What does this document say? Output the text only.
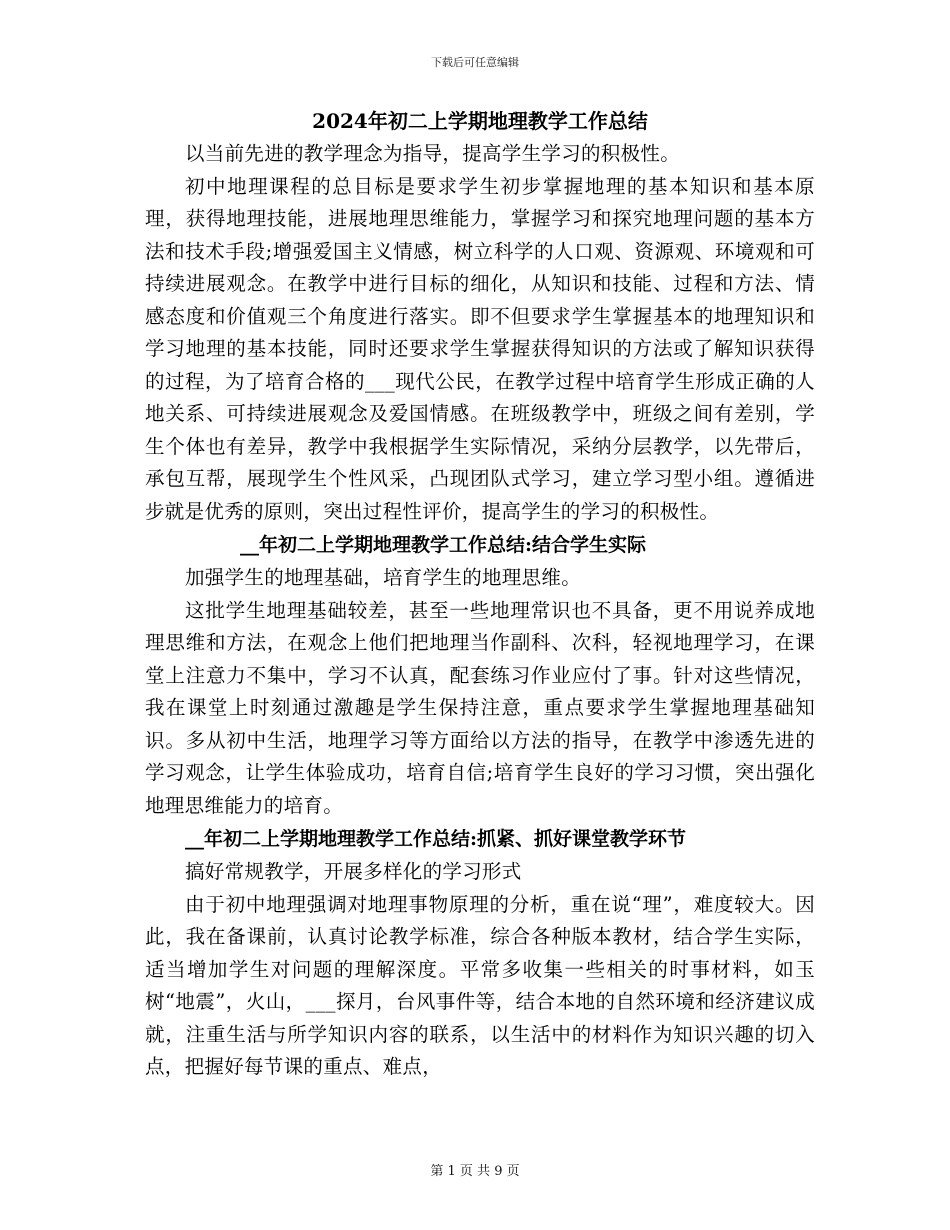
下载后可任意编辑

2024年初二上学期地理教学工作总结

以当前先进的教学理念为指导，提高学生学习的积极性。

初中地理课程的总目标是要求学生初步掌握地理的基本知识和基本原理，获得地理技能，进展地理思维能力，掌握学习和探究地理问题的基本方法和技术手段;增强爱国主义情感，树立科学的人口观、资源观、环境观和可持续进展观念。在教学中进行目标的细化，从知识和技能、过程和方法、情感态度和价值观三个角度进行落实。即不但要求学生掌握基本的地理知识和学习地理的基本技能，同时还要求学生掌握获得知识的方法或了解知识获得的过程，为了培育合格的___现代公民，在教学过程中培育学生形成正确的人地关系、可持续进展观念及爱国情感。在班级教学中，班级之间有差别，学生个体也有差异，教学中我根据学生实际情况，采纳分层教学，以先带后，承包互帮，展现学生个性风采，凸现团队式学习，建立学习型小组。遵循进步就是优秀的原则，突出过程性评价，提高学生的学习的积极性。

__年初二上学期地理教学工作总结:结合学生实际

加强学生的地理基础，培育学生的地理思维。

这批学生地理基础较差，甚至一些地理常识也不具备，更不用说养成地理思维和方法，在观念上他们把地理当作副科、次科，轻视地理学习，在课堂上注意力不集中，学习不认真，配套练习作业应付了事。针对这些情况，我在课堂上时刻通过激趣是学生保持注意，重点要求学生掌握地理基础知识。多从初中生活，地理学习等方面给以方法的指导，在教学中渗透先进的学习观念，让学生体验成功，培育自信;培育学生良好的学习习惯，突出强化地理思维能力的培育。

__年初二上学期地理教学工作总结:抓紧、抓好课堂教学环节

搞好常规教学，开展多样化的学习形式

由于初中地理强调对地理事物原理的分析，重在说“理”，难度较大。因此，我在备课前，认真讨论教学标准，综合各种版本教材，结合学生实际，适当增加学生对问题的理解深度。平常多收集一些相关的时事材料，如玉树“地震”，火山，___探月，台风事件等，结合本地的自然环境和经济建议成就，注重生活与所学知识内容的联系，以生活中的材料作为知识兴趣的切入点，把握好每节课的重点、难点，

第 1 页 共 9 页
